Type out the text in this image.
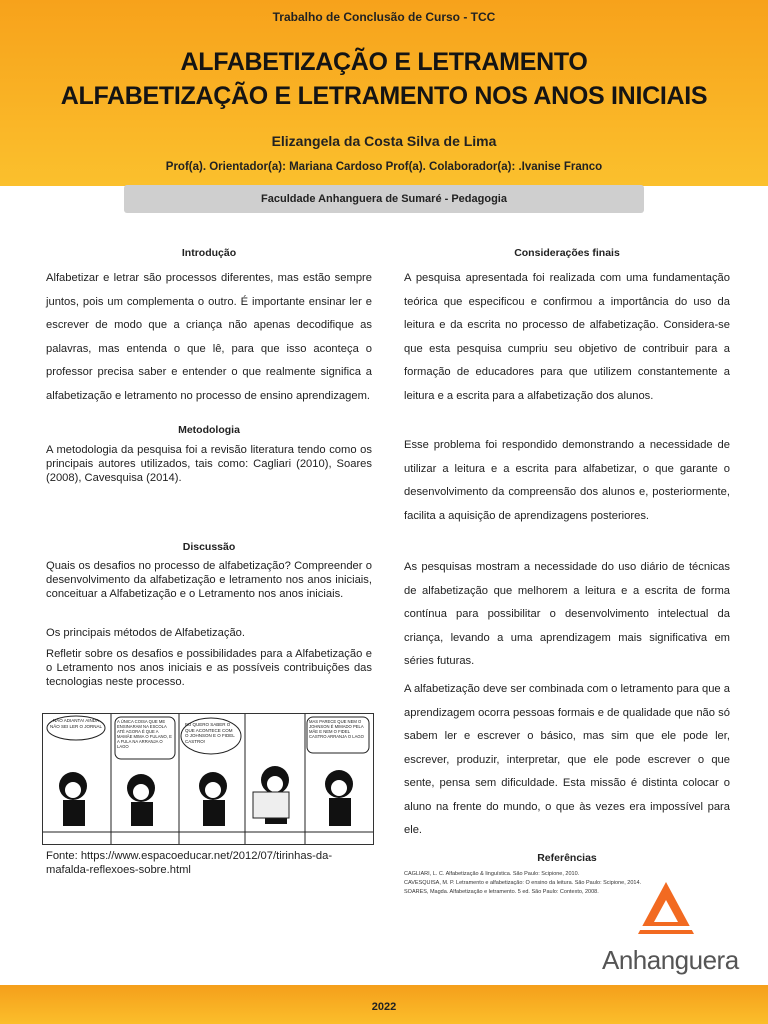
Trabalho de Conclusão de Curso - TCC
ALFABETIZAÇÃO E LETRAMENTO
ALFABETIZAÇÃO E LETRAMENTO NOS ANOS INICIAIS
Elizangela da Costa Silva de Lima
Prof(a). Orientador(a): Mariana Cardoso Prof(a). Colaborador(a): .Ivanise Franco
Faculdade Anhanguera de Sumaré - Pedagogia
Introdução

Alfabetizar e letrar são processos diferentes, mas estão sempre juntos, pois um complementa o outro. É importante ensinar ler e escrever de modo que a criança não apenas decodifique as palavras, mas entenda o que lê, para que isso aconteça o professor precisa saber e entender o que realmente significa a alfabetização e letramento no processo de ensino aprendizagem.

Metodologia

A metodologia da pesquisa foi a revisão literatura tendo como os principais autores utilizados, tais como: Cagliari (2010), Soares (2008), Cavesquisa (2014).

Discussão

Quais os desafios no processo de alfabetização? Compreender o desenvolvimento da alfabetização e letramento nos anos iniciais, conceituar a Alfabetização e o Letramento nos anos iniciais.

Os principais métodos de Alfabetização.

Refletir sobre os desafios e possibilidades para a Alfabetização e o Letramento nos anos iniciais e as possíveis contribuições das tecnologias neste processo.

NÃO ADIANTA! AINDA NÃO SEI LER O JORNAL
A ÚNICA COISA QUE ME ENSINARAM NA ESCOLA ATÉ AGORA É QUE A MAMÃE MIMA O FULANO, E A FULA NA ARRANJA O LAGO
EU QUERO SABER O QUE ACONTECE COM O JOHNSON E O FIDEL CASTRO!
MAS PARECE QUE NEM O JOHNSON É MIMADO PELA MÃE E NEM O FIDEL CASTRO ARRANJA O LAGO

Fonte: https://www.espacoeducar.net/2012/07/tirinhas-da-mafalda-reflexoes-sobre.html

Considerações finais

A pesquisa apresentada foi realizada com uma fundamentação teórica que especificou e confirmou a importância do uso da leitura e da escrita no processo de alfabetização. Considera-se que esta pesquisa cumpriu seu objetivo de contribuir para a formação de educadores para que utilizem constantemente a leitura e a escrita para a alfabetização dos alunos.

Esse problema foi respondido demonstrando a necessidade de utilizar a leitura e a escrita para alfabetizar, o que garante o desenvolvimento da compreensão dos alunos e, posteriormente, facilita a aquisição de aprendizagens posteriores.

As pesquisas mostram a necessidade do uso diário de técnicas de alfabetização que melhorem a leitura e a escrita de forma contínua para possibilitar o desenvolvimento intelectual da criança, levando a uma aprendizagem mais significativa em séries futuras.

A alfabetização deve ser combinada com o letramento para que a aprendizagem ocorra pessoas formais e de qualidade que não só sabem ler e escrever o básico, mas sim que ele pode ler, escrever, produzir, interpretar, que ele pode escrever o que sente, pensa sem dificuldade. Esta missão é distinta colocar o aluno na frente do mundo, o que às vezes era impossível para ele.

Referências
CAGLIARI, L. C. Alfabetização & linguística. São Paulo: Scipione, 2010.
CAVESQUISA, M. P. Letramento e alfabetização: O ensino da leitura. São Paulo: Scipione, 2014.
SOARES, Magda. Alfabetização e letramento. 5 ed. São Paulo: Contexto, 2008.
Anhanguera
2022
